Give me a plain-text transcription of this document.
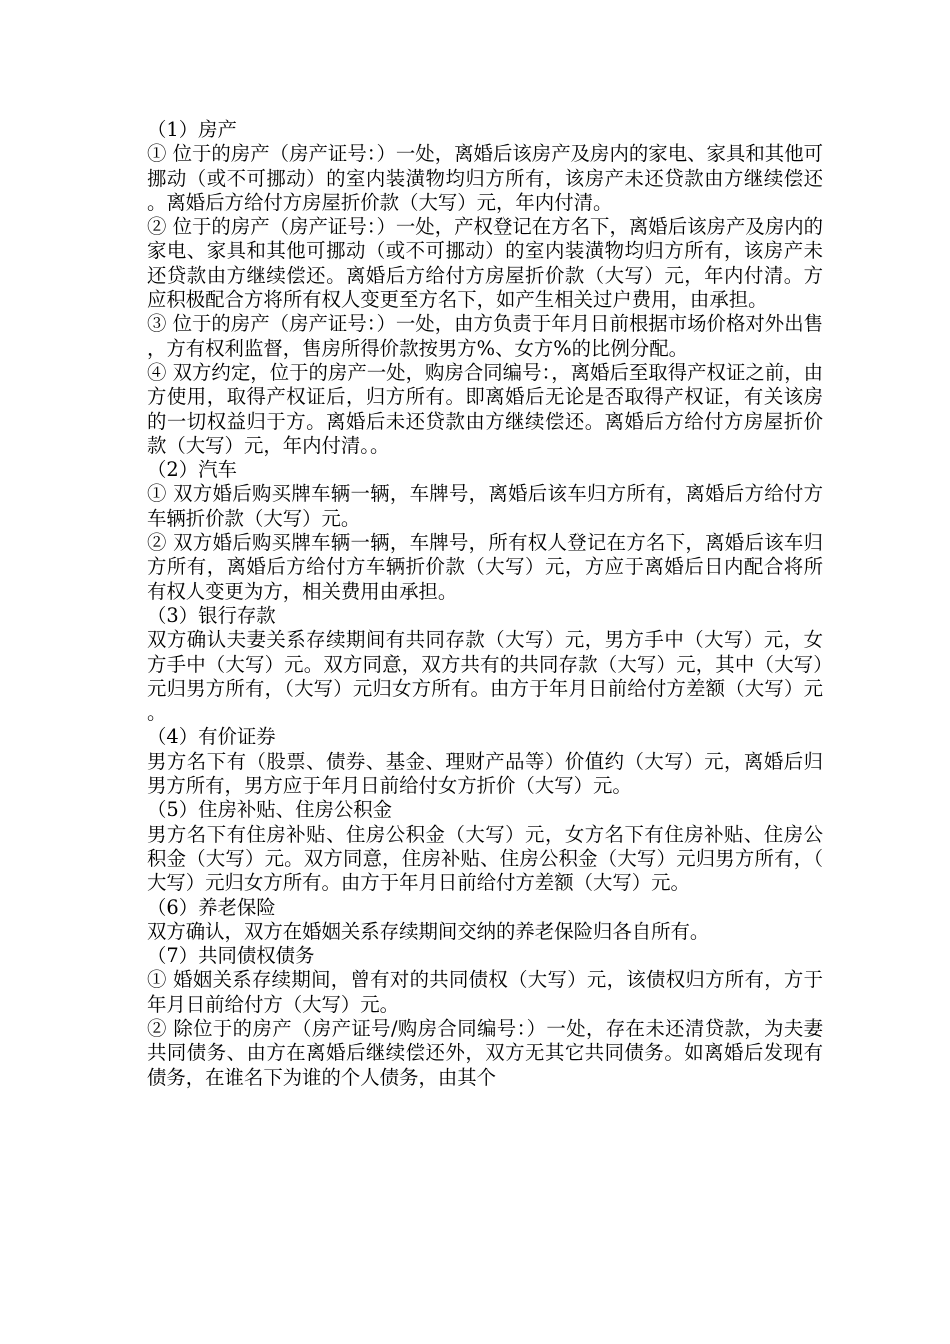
（1）房产
① 位于的房产（房产证号：）一处，离婚后该房产及房内的家电、家具和其他可挪动（或不可挪动）的室内装潢物均归方所有，该房产未还贷款由方继续偿还。离婚后方给付方房屋折价款（大写）元，年内付清。
② 位于的房产（房产证号：）一处，产权登记在方名下，离婚后该房产及房内的家电、家具和其他可挪动（或不可挪动）的室内装潢物均归方所有，该房产未还贷款由方继续偿还。离婚后方给付方房屋折价款（大写）元，年内付清。方应积极配合方将所有权人变更至方名下，如产生相关过户费用，由承担。
③ 位于的房产（房产证号：）一处，由方负责于年月日前根据市场价格对外出售，方有权利监督，售房所得价款按男方%、女方%的比例分配。
④ 双方约定，位于的房产一处，购房合同编号：，离婚后至取得产权证之前，由方使用，取得产权证后，归方所有。即离婚后无论是否取得产权证，有关该房的一切权益归于方。离婚后未还贷款由方继续偿还。离婚后方给付方房屋折价款（大写）元，年内付清。。
（2）汽车
① 双方婚后购买牌车辆一辆，车牌号，离婚后该车归方所有，离婚后方给付方车辆折价款（大写）元。
② 双方婚后购买牌车辆一辆，车牌号，所有权人登记在方名下，离婚后该车归方所有，离婚后方给付方车辆折价款（大写）元，方应于离婚后日内配合将所有权人变更为方，相关费用由承担。
（3）银行存款
双方确认夫妻关系存续期间有共同存款（大写）元，男方手中（大写）元，女方手中（大写）元。双方同意，双方共有的共同存款（大写）元，其中（大写）元归男方所有，（大写）元归女方所有。由方于年月日前给付方差额（大写）元。
（4）有价证券
男方名下有（股票、债券、基金、理财产品等）价值约（大写）元，离婚后归男方所有，男方应于年月日前给付女方折价（大写）元。
（5）住房补贴、住房公积金
男方名下有住房补贴、住房公积金（大写）元，女方名下有住房补贴、住房公积金（大写）元。双方同意，住房补贴、住房公积金（大写）元归男方所有，（大写）元归女方所有。由方于年月日前给付方差额（大写）元。
（6）养老保险
双方确认，双方在婚姻关系存续期间交纳的养老保险归各自所有。
（7）共同债权债务
① 婚姻关系存续期间，曾有对的共同债权（大写）元，该债权归方所有，方于年月日前给付方（大写）元。
② 除位于的房产（房产证号/购房合同编号：）一处，存在未还清贷款，为夫妻共同债务、由方在离婚后继续偿还外，双方无其它共同债务。如离婚后发现有债务，在谁名下为谁的个人债务，由其个
